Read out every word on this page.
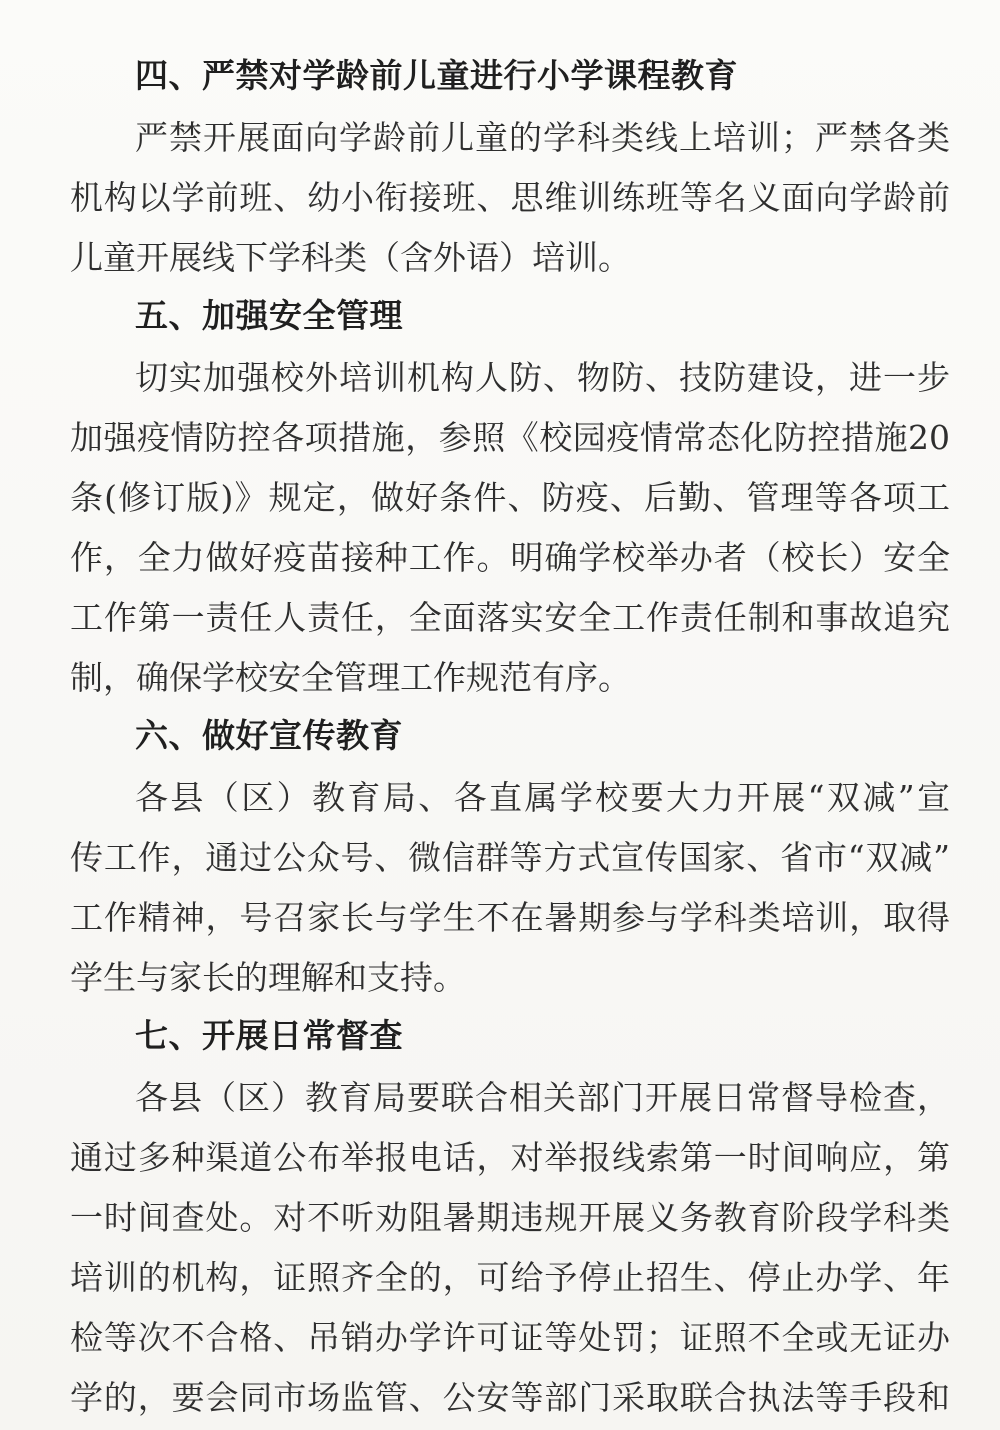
四、严禁对学龄前儿童进行小学课程教育
严禁开展面向学龄前儿童的学科类线上培训；严禁各类
机构以学前班、幼小衔接班、思维训练班等名义面向学龄前
儿童开展线下学科类（含外语）培训。
五、加强安全管理
切实加强校外培训机构人防、物防、技防建设，进一步
加强疫情防控各项措施，参照《校园疫情常态化防控措施20
条(修订版)》规定，做好条件、防疫、后勤、管理等各项工
作，全力做好疫苗接种工作。明确学校举办者（校长）安全
工作第一责任人责任，全面落实安全工作责任制和事故追究
制，确保学校安全管理工作规范有序。
六、做好宣传教育
各县（区）教育局、各直属学校要大力开展“双减”宣
传工作，通过公众号、微信群等方式宣传国家、省市“双减”
工作精神，号召家长与学生不在暑期参与学科类培训，取得
学生与家长的理解和支持。
七、开展日常督查
各县（区）教育局要联合相关部门开展日常督导检查，
通过多种渠道公布举报电话，对举报线索第一时间响应，第
一时间查处。对不听劝阻暑期违规开展义务教育阶段学科类
培训的机构，证照齐全的，可给予停止招生、停止办学、年
检等次不合格、吊销办学许可证等处罚；证照不全或无证办
学的，要会同市场监管、公安等部门采取联合执法等手段和
